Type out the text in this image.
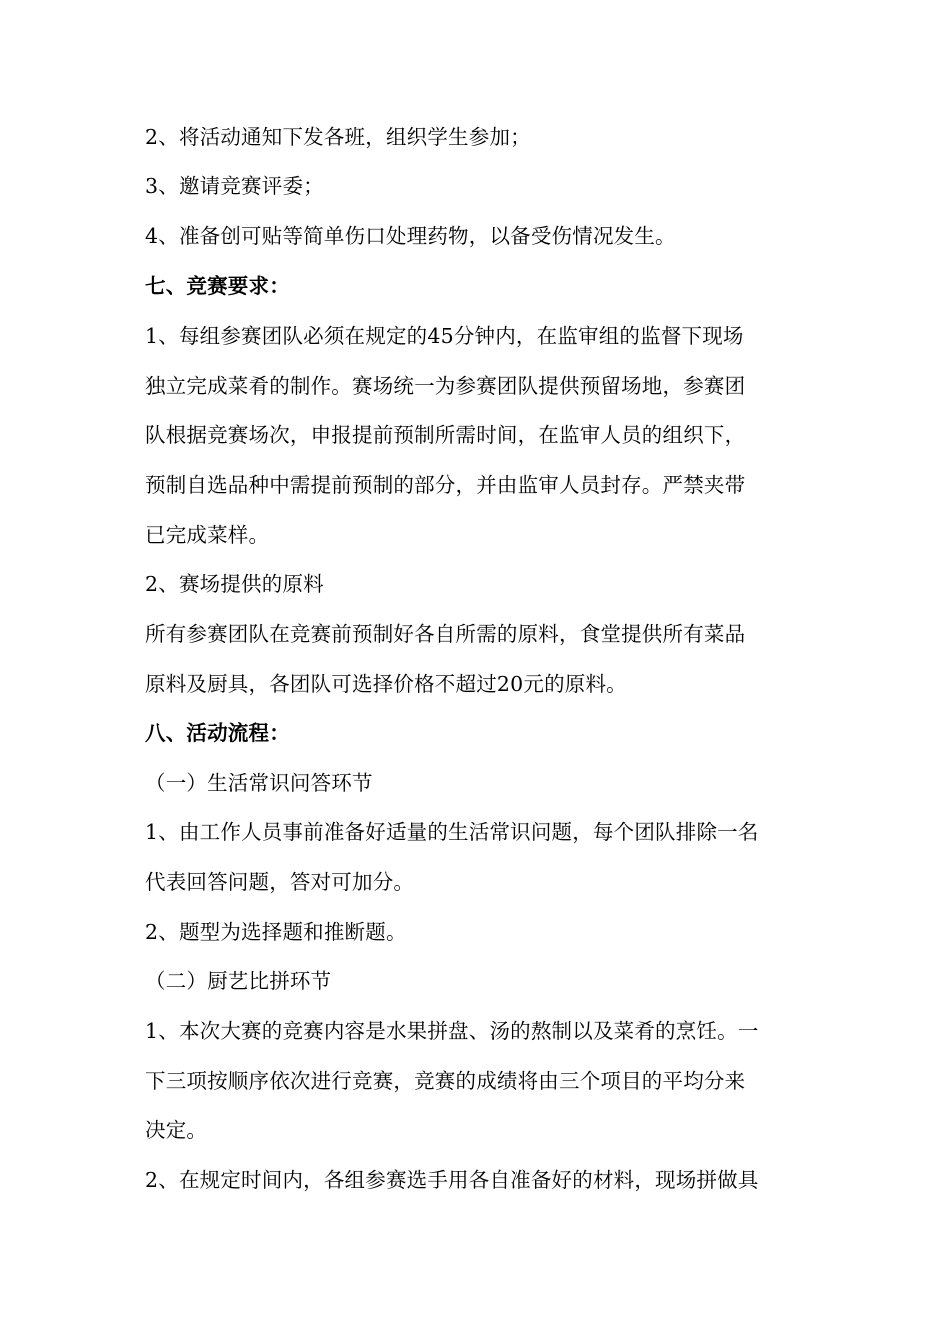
2、将活动通知下发各班，组织学生参加；
3、邀请竞赛评委；
4、准备创可贴等简单伤口处理药物，以备受伤情况发生。
七、竞赛要求：
1、每组参赛团队必须在规定的45分钟内，在监审组的监督下现场
独立完成菜肴的制作。赛场统一为参赛团队提供预留场地，参赛团
队根据竞赛场次，申报提前预制所需时间，在监审人员的组织下，
预制自选品种中需提前预制的部分，并由监审人员封存。严禁夹带
已完成菜样。
2、赛场提供的原料
所有参赛团队在竞赛前预制好各自所需的原料，食堂提供所有菜品
原料及厨具，各团队可选择价格不超过20元的原料。
八、活动流程：
（一）生活常识问答环节
1、由工作人员事前准备好适量的生活常识问题，每个团队排除一名
代表回答问题，答对可加分。
2、题型为选择题和推断题。
（二）厨艺比拼环节
1、本次大赛的竞赛内容是水果拼盘、汤的熬制以及菜肴的烹饪。一
下三项按顺序依次进行竞赛，竞赛的成绩将由三个项目的平均分来
决定。
2、在规定时间内，各组参赛选手用各自准备好的材料，现场拼做具
